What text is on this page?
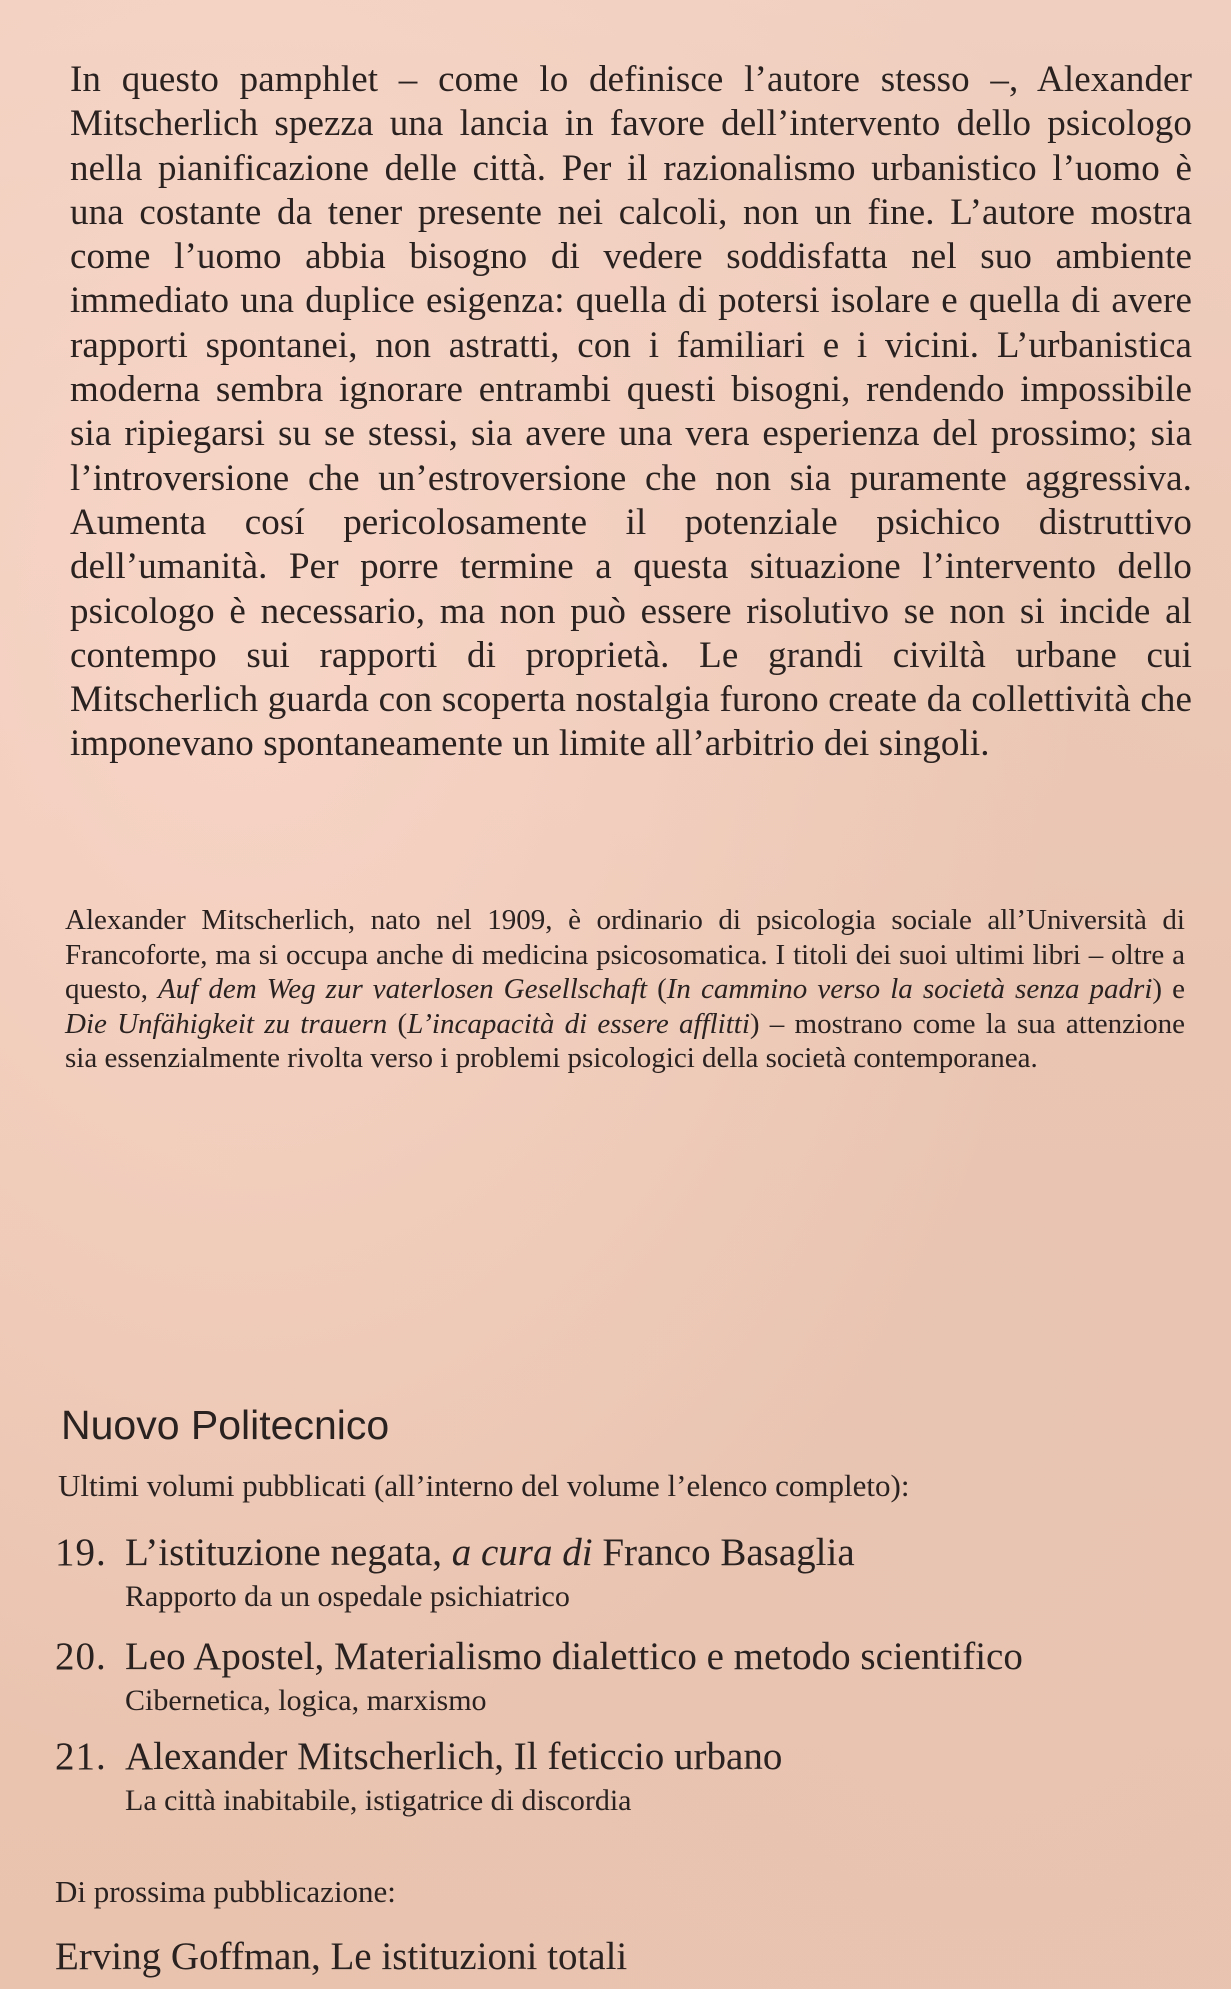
In questo pamphlet – come lo definisce l’autore stesso –, Alexander Mitscherlich spezza una lancia in favore dell’intervento dello psicologo nella pianificazione delle città. Per il razionalismo urbanistico l’uomo è una costante da tener presente nei calcoli, non un fine. L’autore mostra come l’uomo abbia bisogno di vedere soddisfatta nel suo ambiente immediato una duplice esigenza: quella di potersi isolare e quella di avere rapporti spontanei, non astratti, con i familiari e i vicini. L’urbanistica moderna sembra ignorare entrambi questi bisogni, rendendo impossibile sia ripiegarsi su se stessi, sia avere una vera esperienza del prossimo; sia l’introversione che un’estroversione che non sia puramente aggressiva. Aumenta cosí pericolosamente il potenziale psichico distruttivo dell’umanità. Per porre termine a questa situazione l’intervento dello psicologo è necessario, ma non può essere risolutivo se non si incide al contempo sui rapporti di proprietà. Le grandi civiltà urbane cui Mitscherlich guarda con scoperta nostalgia furono create da collettività che imponevano spontaneamente un limite all’arbitrio dei singoli.

Alexander Mitscherlich, nato nel 1909, è ordinario di psicologia sociale all’Università di Francoforte, ma si occupa anche di medicina psicosomatica. I titoli dei suoi ultimi libri – oltre a questo, Auf dem Weg zur vaterlosen Gesellschaft (In cammino verso la società senza padri) e Die Unfähigkeit zu trauern (L’incapacità di essere afflitti) – mostrano come la sua attenzione sia essenzialmente rivolta verso i problemi psicologici della società contemporanea.

Nuovo Politecnico

Ultimi volumi pubblicati (all’interno del volume l’elenco completo):

19. L’istituzione negata, a cura di Franco Basaglia
Rapporto da un ospedale psichiatrico
20. Leo Apostel, Materialismo dialettico e metodo scientifico
Cibernetica, logica, marxismo
21. Alexander Mitscherlich, Il feticcio urbano
La città inabitabile, istigatrice di discordia

Di prossima pubblicazione:

Erving Goffman, Le istituzioni totali
